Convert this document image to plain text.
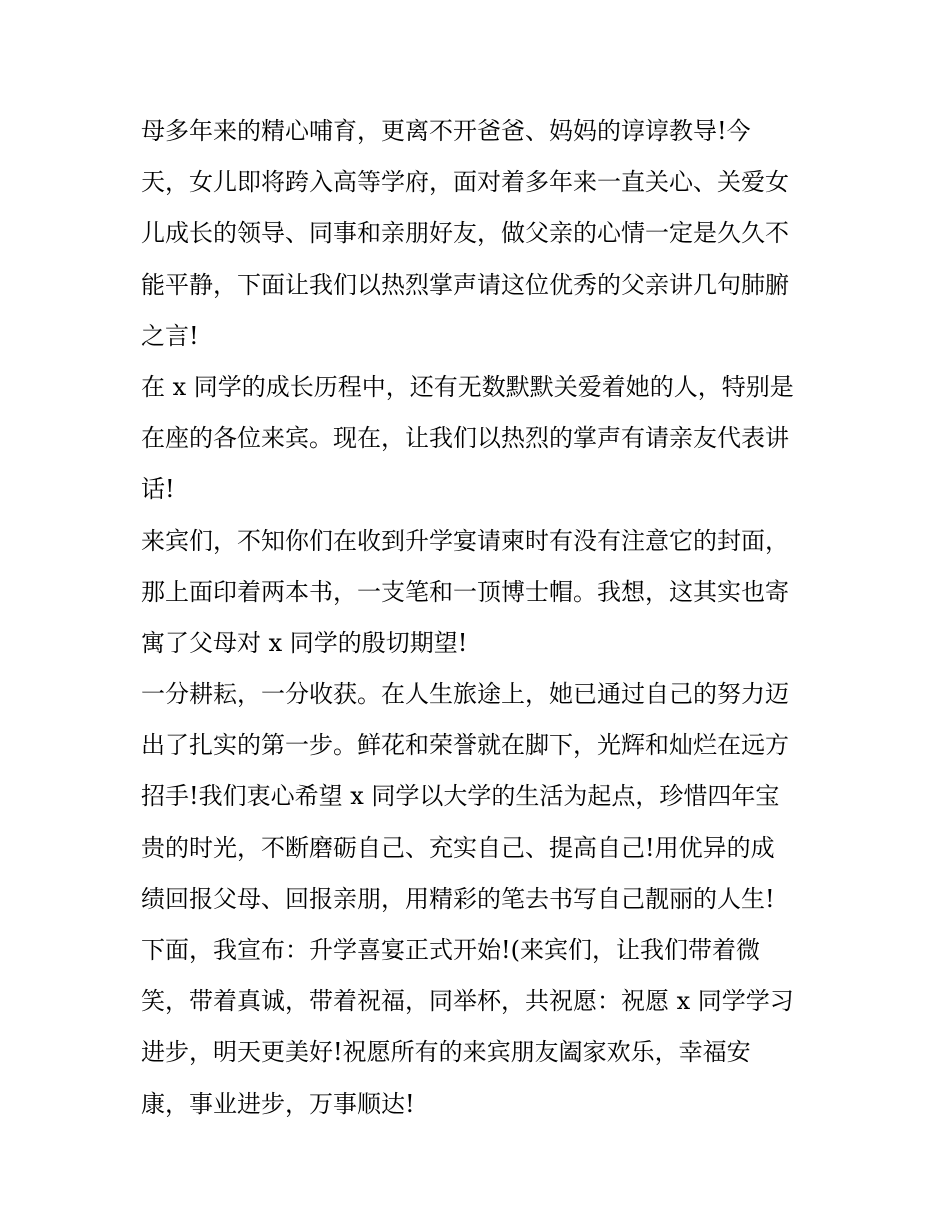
母多年来的精心哺育，更离不开爸爸、妈妈的谆谆教导!今
天，女儿即将跨入高等学府，面对着多年来一直关心、关爱女
儿成长的领导、同事和亲朋好友，做父亲的心情一定是久久不
能平静，下面让我们以热烈掌声请这位优秀的父亲讲几句肺腑
之言!
在 x 同学的成长历程中，还有无数默默关爱着她的人，特别是
在座的各位来宾。现在，让我们以热烈的掌声有请亲友代表讲
话!
来宾们，不知你们在收到升学宴请柬时有没有注意它的封面，
那上面印着两本书，一支笔和一顶博士帽。我想，这其实也寄
寓了父母对 x 同学的殷切期望!
一分耕耘，一分收获。在人生旅途上，她已通过自己的努力迈
出了扎实的第一步。鲜花和荣誉就在脚下，光辉和灿烂在远方
招手!我们衷心希望 x 同学以大学的生活为起点，珍惜四年宝
贵的时光，不断磨砺自己、充实自己、提高自己!用优异的成
绩回报父母、回报亲朋，用精彩的笔去书写自己靓丽的人生!
下面，我宣布：升学喜宴正式开始!(来宾们，让我们带着微
笑，带着真诚，带着祝福，同举杯，共祝愿：祝愿 x 同学学习
进步，明天更美好!祝愿所有的来宾朋友阖家欢乐，幸福安
康，事业进步，万事顺达!
